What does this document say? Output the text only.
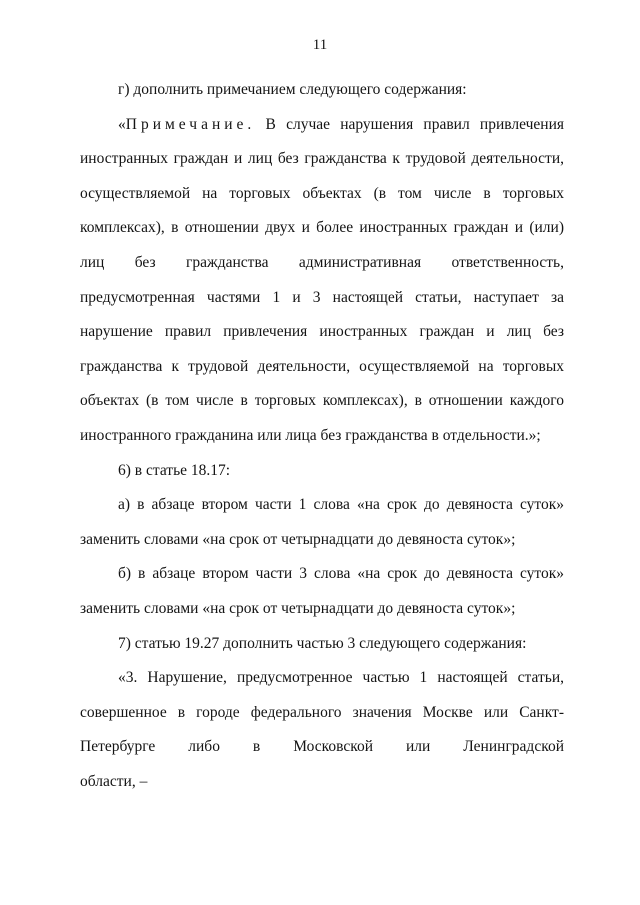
11

г) дополнить примечанием следующего содержания:

«Примечание. В случае нарушения правил привлечения иностранных граждан и лиц без гражданства к трудовой деятельности, осуществляемой на торговых объектах (в том числе в торговых комплексах), в отношении двух и более иностранных граждан и (или) лиц без гражданства административная ответственность, предусмотренная частями 1 и 3 настоящей статьи, наступает за нарушение правил привлечения иностранных граждан и лиц без гражданства к трудовой деятельности, осуществляемой на торговых объектах (в том числе в торговых комплексах), в отношении каждого иностранного гражданина или лица без гражданства в отдельности.»;

6) в статье 18.17:

а) в абзаце втором части 1 слова «на срок до девяноста суток» заменить словами «на срок от четырнадцати до девяноста суток»;

б) в абзаце втором части 3 слова «на срок до девяноста суток» заменить словами «на срок от четырнадцати до девяноста суток»;

7) статью 19.27 дополнить частью 3 следующего содержания:

«3. Нарушение, предусмотренное частью 1 настоящей статьи, совершенное в городе федерального значения Москве или Санкт-Петербурге либо в Московской или Ленинградской

области, –
